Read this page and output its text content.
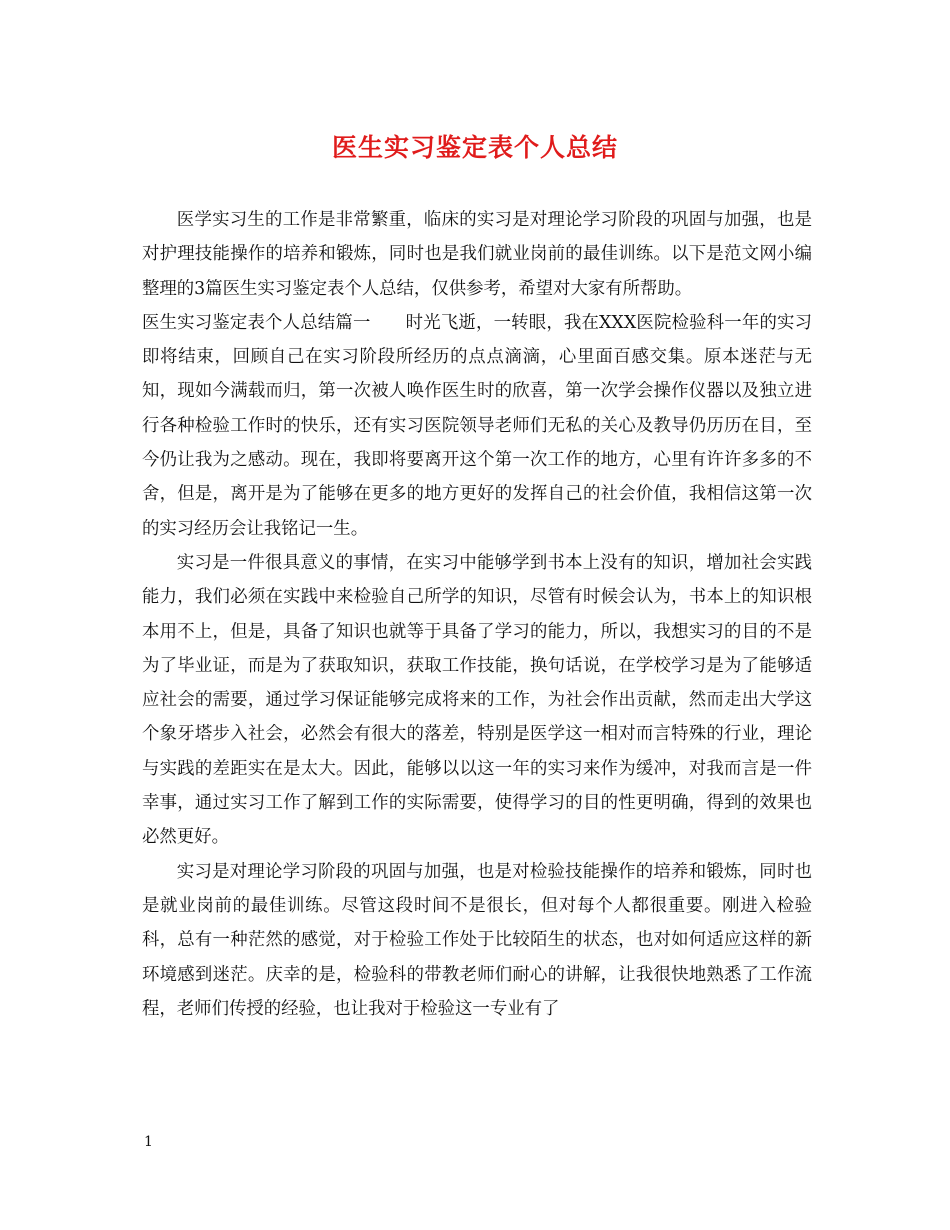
医生实习鉴定表个人总结

医学实习生的工作是非常繁重，临床的实习是对理论学习阶段的巩固与加强，也是对护理技能操作的培养和锻炼，同时也是我们就业岗前的最佳训练。以下是范文网小编整理的3篇医生实习鉴定表个人总结，仅供参考，希望对大家有所帮助。

医生实习鉴定表个人总结篇一　　时光飞逝，一转眼，我在XXX医院检验科一年的实习即将结束，回顾自己在实习阶段所经历的点点滴滴，心里面百感交集。原本迷茫与无知，现如今满载而归，第一次被人唤作医生时的欣喜，第一次学会操作仪器以及独立进行各种检验工作时的快乐，还有实习医院领导老师们无私的关心及教导仍历历在目，至今仍让我为之感动。现在，我即将要离开这个第一次工作的地方，心里有许许多多的不舍，但是，离开是为了能够在更多的地方更好的发挥自己的社会价值，我相信这第一次的实习经历会让我铭记一生。

实习是一件很具意义的事情，在实习中能够学到书本上没有的知识，增加社会实践能力，我们必须在实践中来检验自己所学的知识，尽管有时候会认为，书本上的知识根本用不上，但是，具备了知识也就等于具备了学习的能力，所以，我想实习的目的不是为了毕业证，而是为了获取知识，获取工作技能，换句话说，在学校学习是为了能够适应社会的需要，通过学习保证能够完成将来的工作，为社会作出贡献，然而走出大学这个象牙塔步入社会，必然会有很大的落差，特别是医学这一相对而言特殊的行业，理论与实践的差距实在是太大。因此，能够以以这一年的实习来作为缓冲，对我而言是一件幸事，通过实习工作了解到工作的实际需要，使得学习的目的性更明确，得到的效果也必然更好。

实习是对理论学习阶段的巩固与加强，也是对检验技能操作的培养和锻炼，同时也是就业岗前的最佳训练。尽管这段时间不是很长，但对每个人都很重要。刚进入检验科，总有一种茫然的感觉，对于检验工作处于比较陌生的状态，也对如何适应这样的新环境感到迷茫。庆幸的是，检验科的带教老师们耐心的讲解，让我很快地熟悉了工作流程，老师们传授的经验，也让我对于检验这一专业有了

1
